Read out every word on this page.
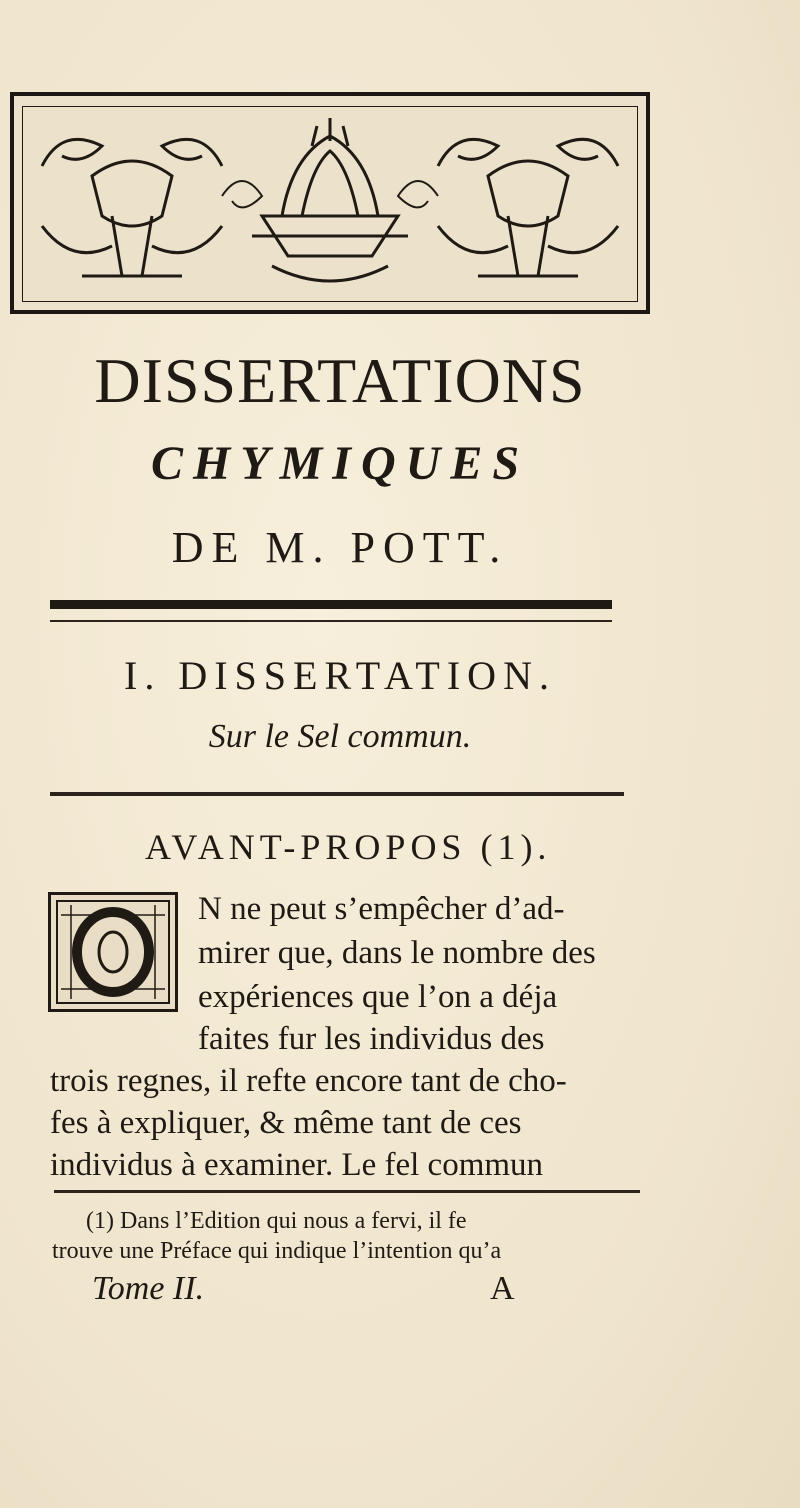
DISSERTATIONS
CHYMIQUES
DE M. POTT.
I. DISSERTATION.
Sur le Sel commun.
AVANT-PROPOS (1).
N ne peut s’empêcher d’ad-
mirer que, dans le nombre des
expériences que l’on a déja
faites fur les individus des
trois regnes, il refte encore tant de cho-
fes à expliquer, & même tant de ces
individus à examiner. Le fel commun
(1) Dans l’Edition qui nous a fervi, il fe
trouve une Préface qui indique l’intention qu’a
Tome II.	A
